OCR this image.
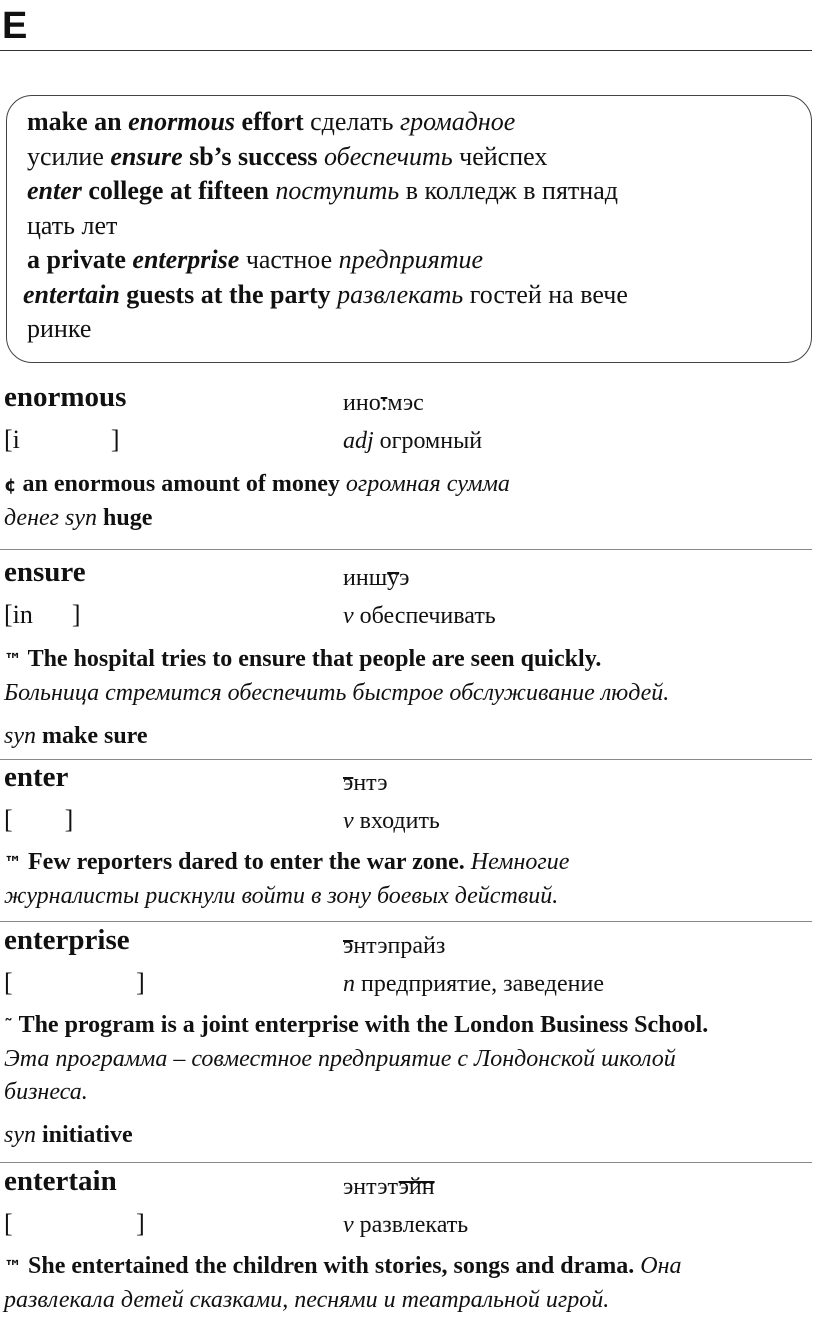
E
make an enormous effort сделать громадное
усилие ensure sb’s success обеспечить чейспех
enter college at fifteen поступить в колледж в пятнад
цать лет
a private enterprise частное предприятие
entertain guests at the party развлекать гостей на вече
ринке
enormous	ино:мэс
[i              ]	adj огромный
¢ an enormous amount of money огромная сумма
денег syn huge
ensure	иншуэ
[in      ]	v обеспечивать
™ The hospital tries to ensure that people are seen quickly.
Больница стремится обеспечить быстрое обслуживание людей.
syn make sure
enter	энтэ
[        ]	v входить
™ Few reporters dared to enter the war zone. Немногие
журналисты рискнули войти в зону боевых действий.
enterprise	энтэпрайз
[                   ]	n предприятие, заведение
˜ The program is a joint enterprise with the London Business School.
Эта программа – совместное предприятие с Лондонской школой
бизнеса.
syn initiative
entertain	энтэтэйн
[                   ]	v развлекать
™ She entertained the children with stories, songs and drama. Она
развлекала детей сказками, песнями и театральной игрой.
